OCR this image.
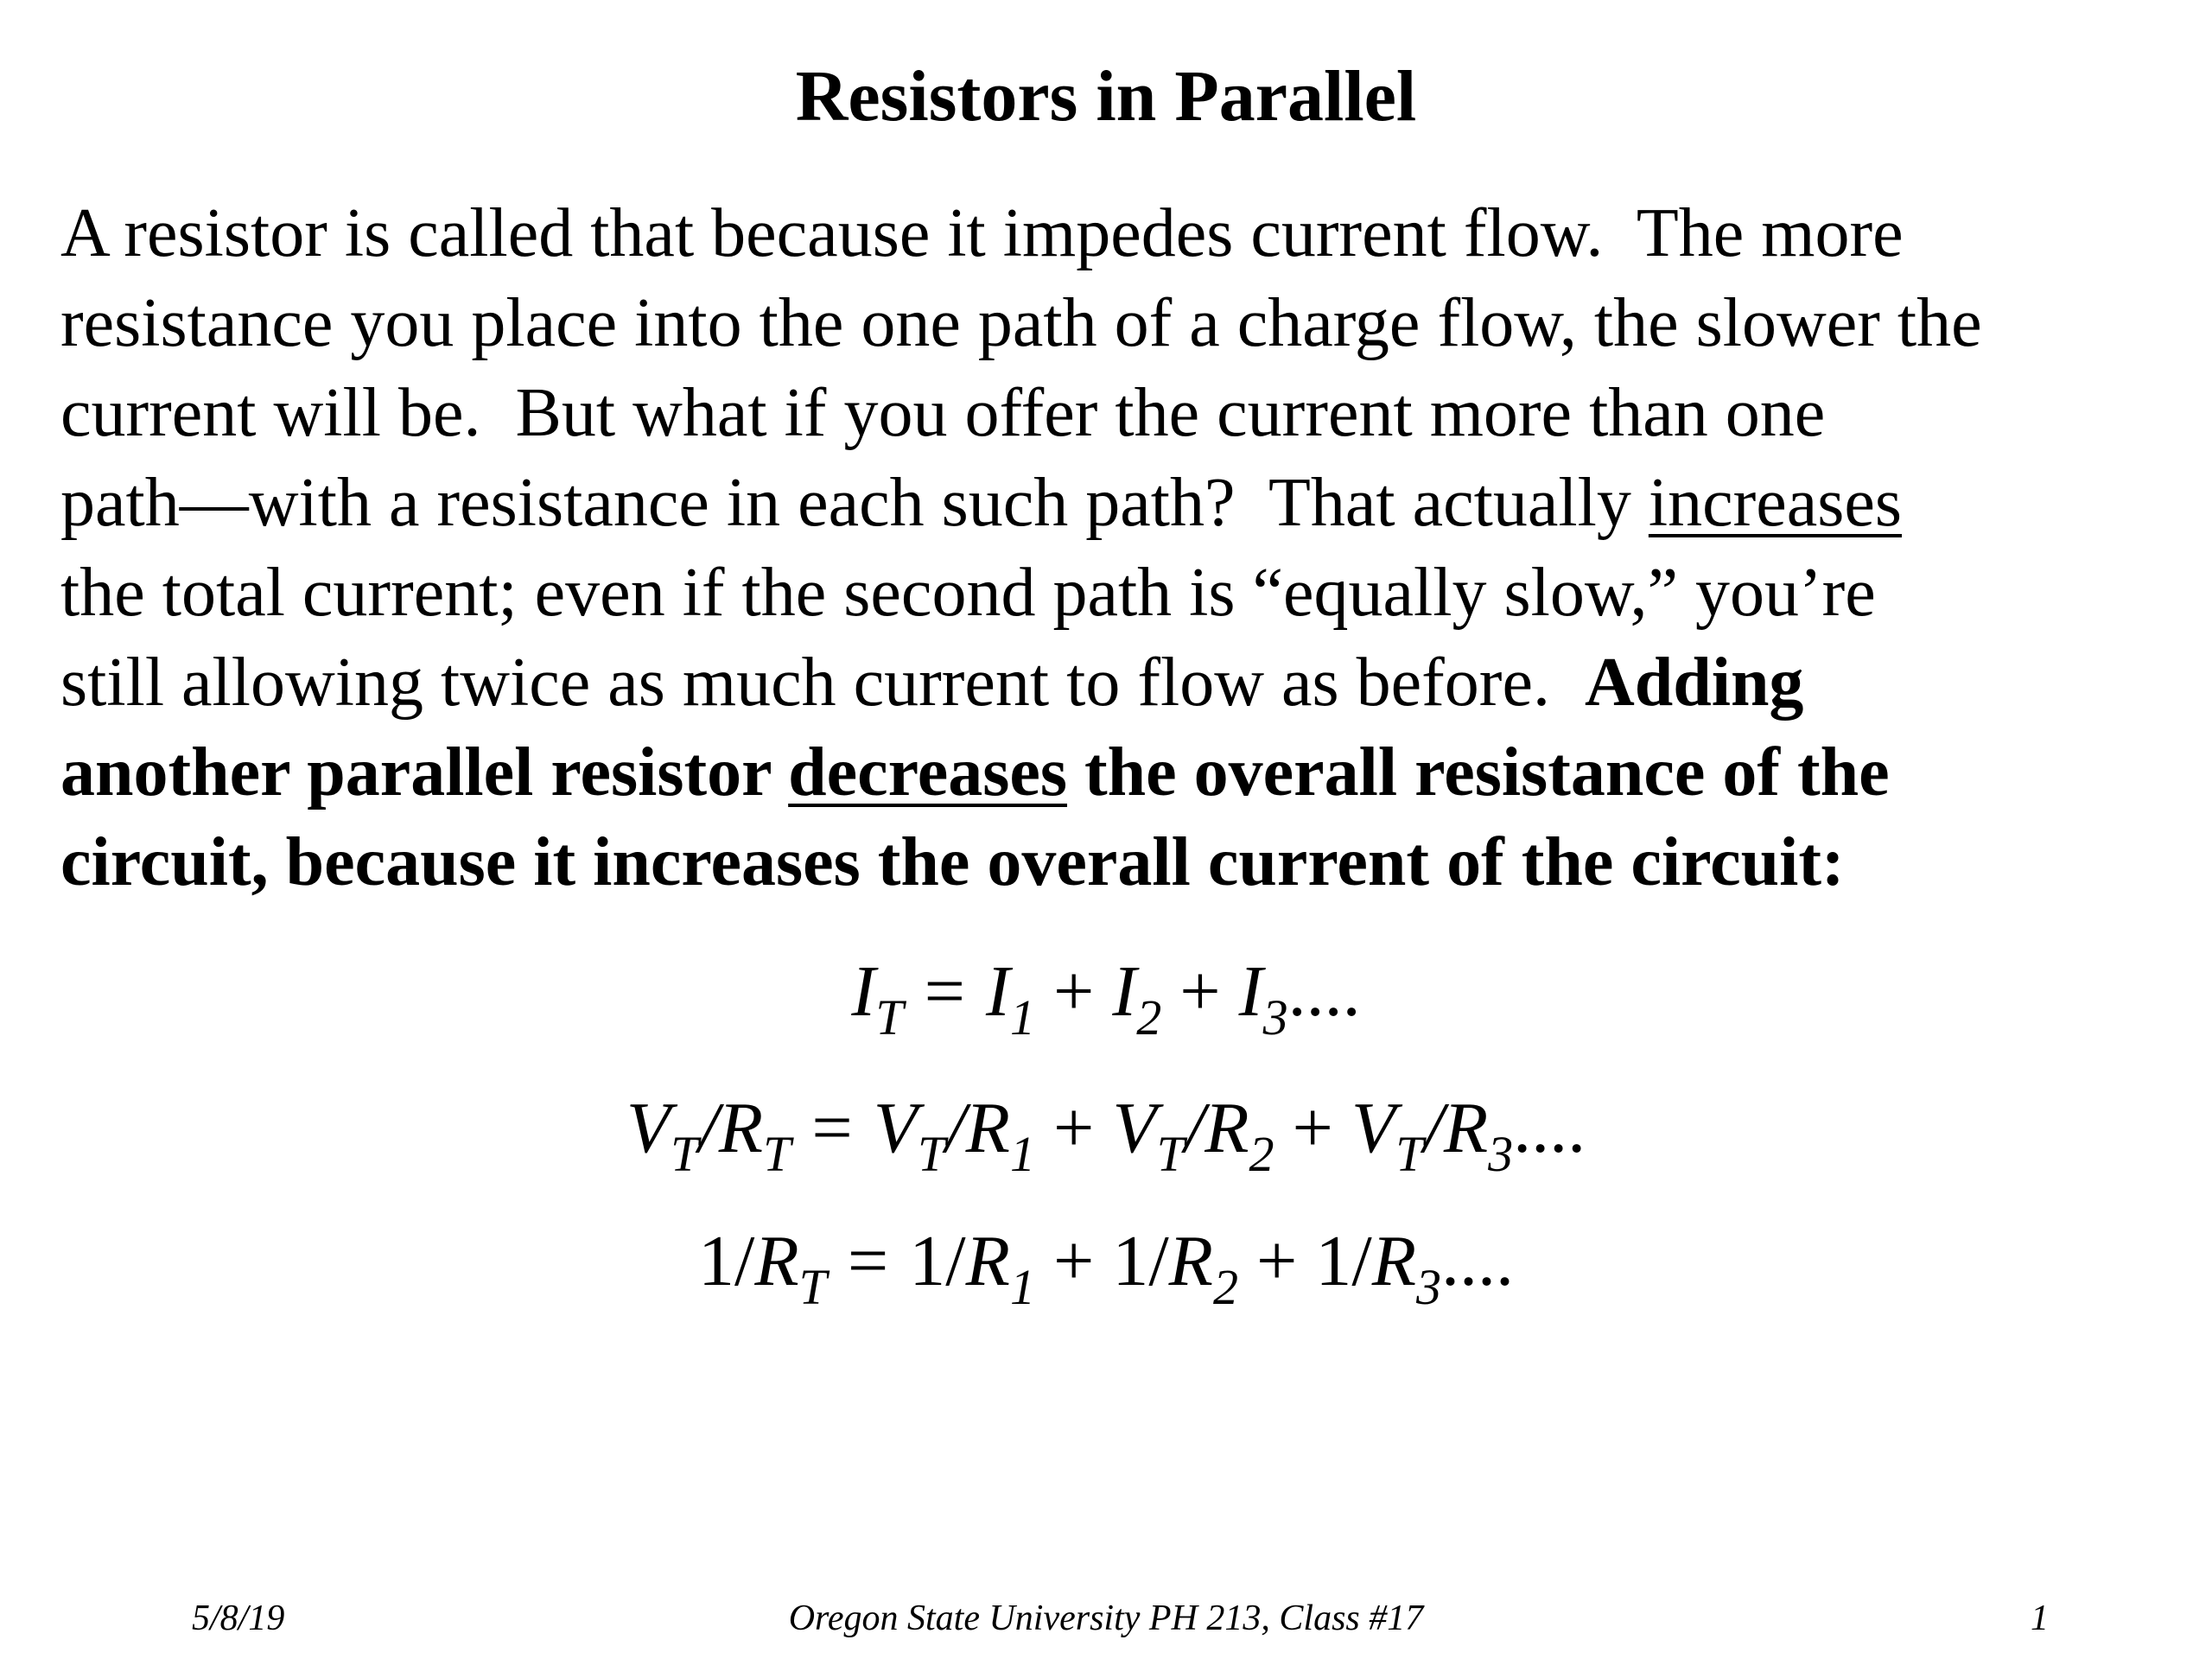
Resistors in Parallel
A resistor is called that because it impedes current flow.  The more
resistance you place into the one path of a charge flow, the slower the
current will be.  But what if you offer the current more than one
path—with a resistance in each such path?  That actually increases
the total current; even if the second path is “equally slow,” you’re
still allowing twice as much current to flow as before.  Adding
another parallel resistor decreases the overall resistance of the
circuit, because it increases the overall current of the circuit:
$I_T = I_1 + I_2 + I_3$....
$V_T/R_T = V_T/R_1 + V_T/R_2 + V_T/R_3$....
$1/R_T = 1/R_1 + 1/R_2 + 1/R_3$....
5/8/19	Oregon State University PH 213, Class #17	1
